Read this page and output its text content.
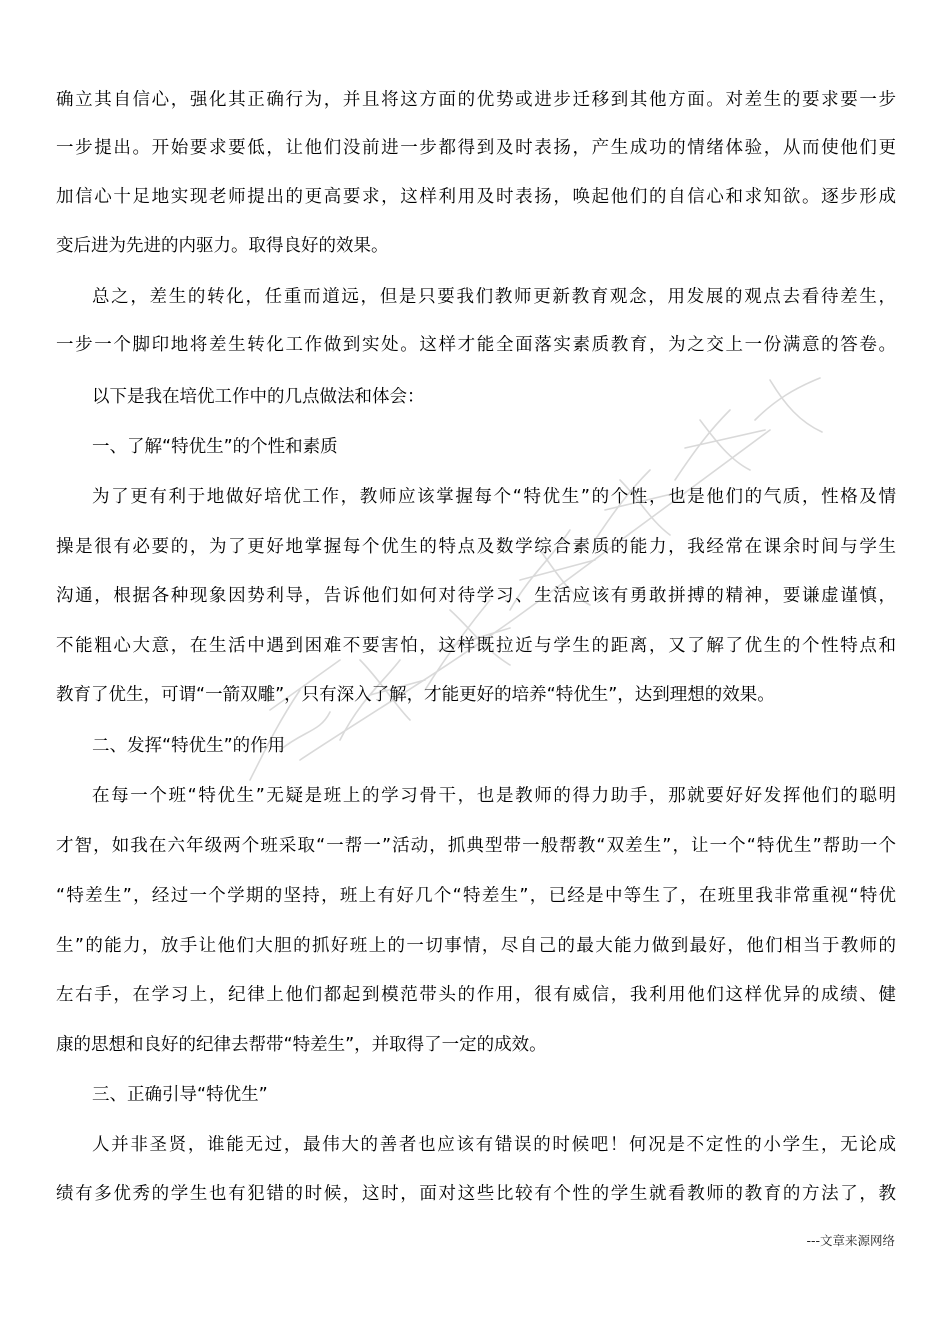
确立其自信心，强化其正确行为，并且将这方面的优势或进步迁移到其他方面。对差生的要求要一步
一步提出。开始要求要低，让他们没前进一步都得到及时表扬，产生成功的情绪体验，从而使他们更
加信心十足地实现老师提出的更高要求，这样利用及时表扬，唤起他们的自信心和求知欲。逐步形成
变后进为先进的内驱力。取得良好的效果。
总之，差生的转化，任重而道远，但是只要我们教师更新教育观念，用发展的观点去看待差生，
一步一个脚印地将差生转化工作做到实处。这样才能全面落实素质教育，为之交上一份满意的答卷。
以下是我在培优工作中的几点做法和体会：
一、了解“特优生”的个性和素质
为了更有利于地做好培优工作，教师应该掌握每个“特优生”的个性，也是他们的气质，性格及情
操是很有必要的，为了更好地掌握每个优生的特点及数学综合素质的能力，我经常在课余时间与学生
沟通，根据各种现象因势利导，告诉他们如何对待学习、生活应该有勇敢拼搏的精神，要谦虚谨慎，
不能粗心大意，在生活中遇到困难不要害怕，这样既拉近与学生的距离，又了解了优生的个性特点和
教育了优生，可谓“一箭双雕”，只有深入了解，才能更好的培养“特优生”，达到理想的效果。
二、发挥“特优生”的作用
在每一个班“特优生”无疑是班上的学习骨干，也是教师的得力助手，那就要好好发挥他们的聪明
才智，如我在六年级两个班采取“一帮一”活动，抓典型带一般帮教“双差生”，让一个“特优生”帮助一个
“特差生”，经过一个学期的坚持，班上有好几个“特差生”，已经是中等生了，在班里我非常重视“特优
生”的能力，放手让他们大胆的抓好班上的一切事情，尽自己的最大能力做到最好，他们相当于教师的
左右手，在学习上，纪律上他们都起到模范带头的作用，很有威信，我利用他们这样优异的成绩、健
康的思想和良好的纪律去帮带“特差生”，并取得了一定的成效。
三、正确引导“特优生”
人并非圣贤，谁能无过，最伟大的善者也应该有错误的时候吧！何况是不定性的小学生，无论成
绩有多优秀的学生也有犯错的时候，这时，面对这些比较有个性的学生就看教师的教育的方法了，教
---文章来源网络
